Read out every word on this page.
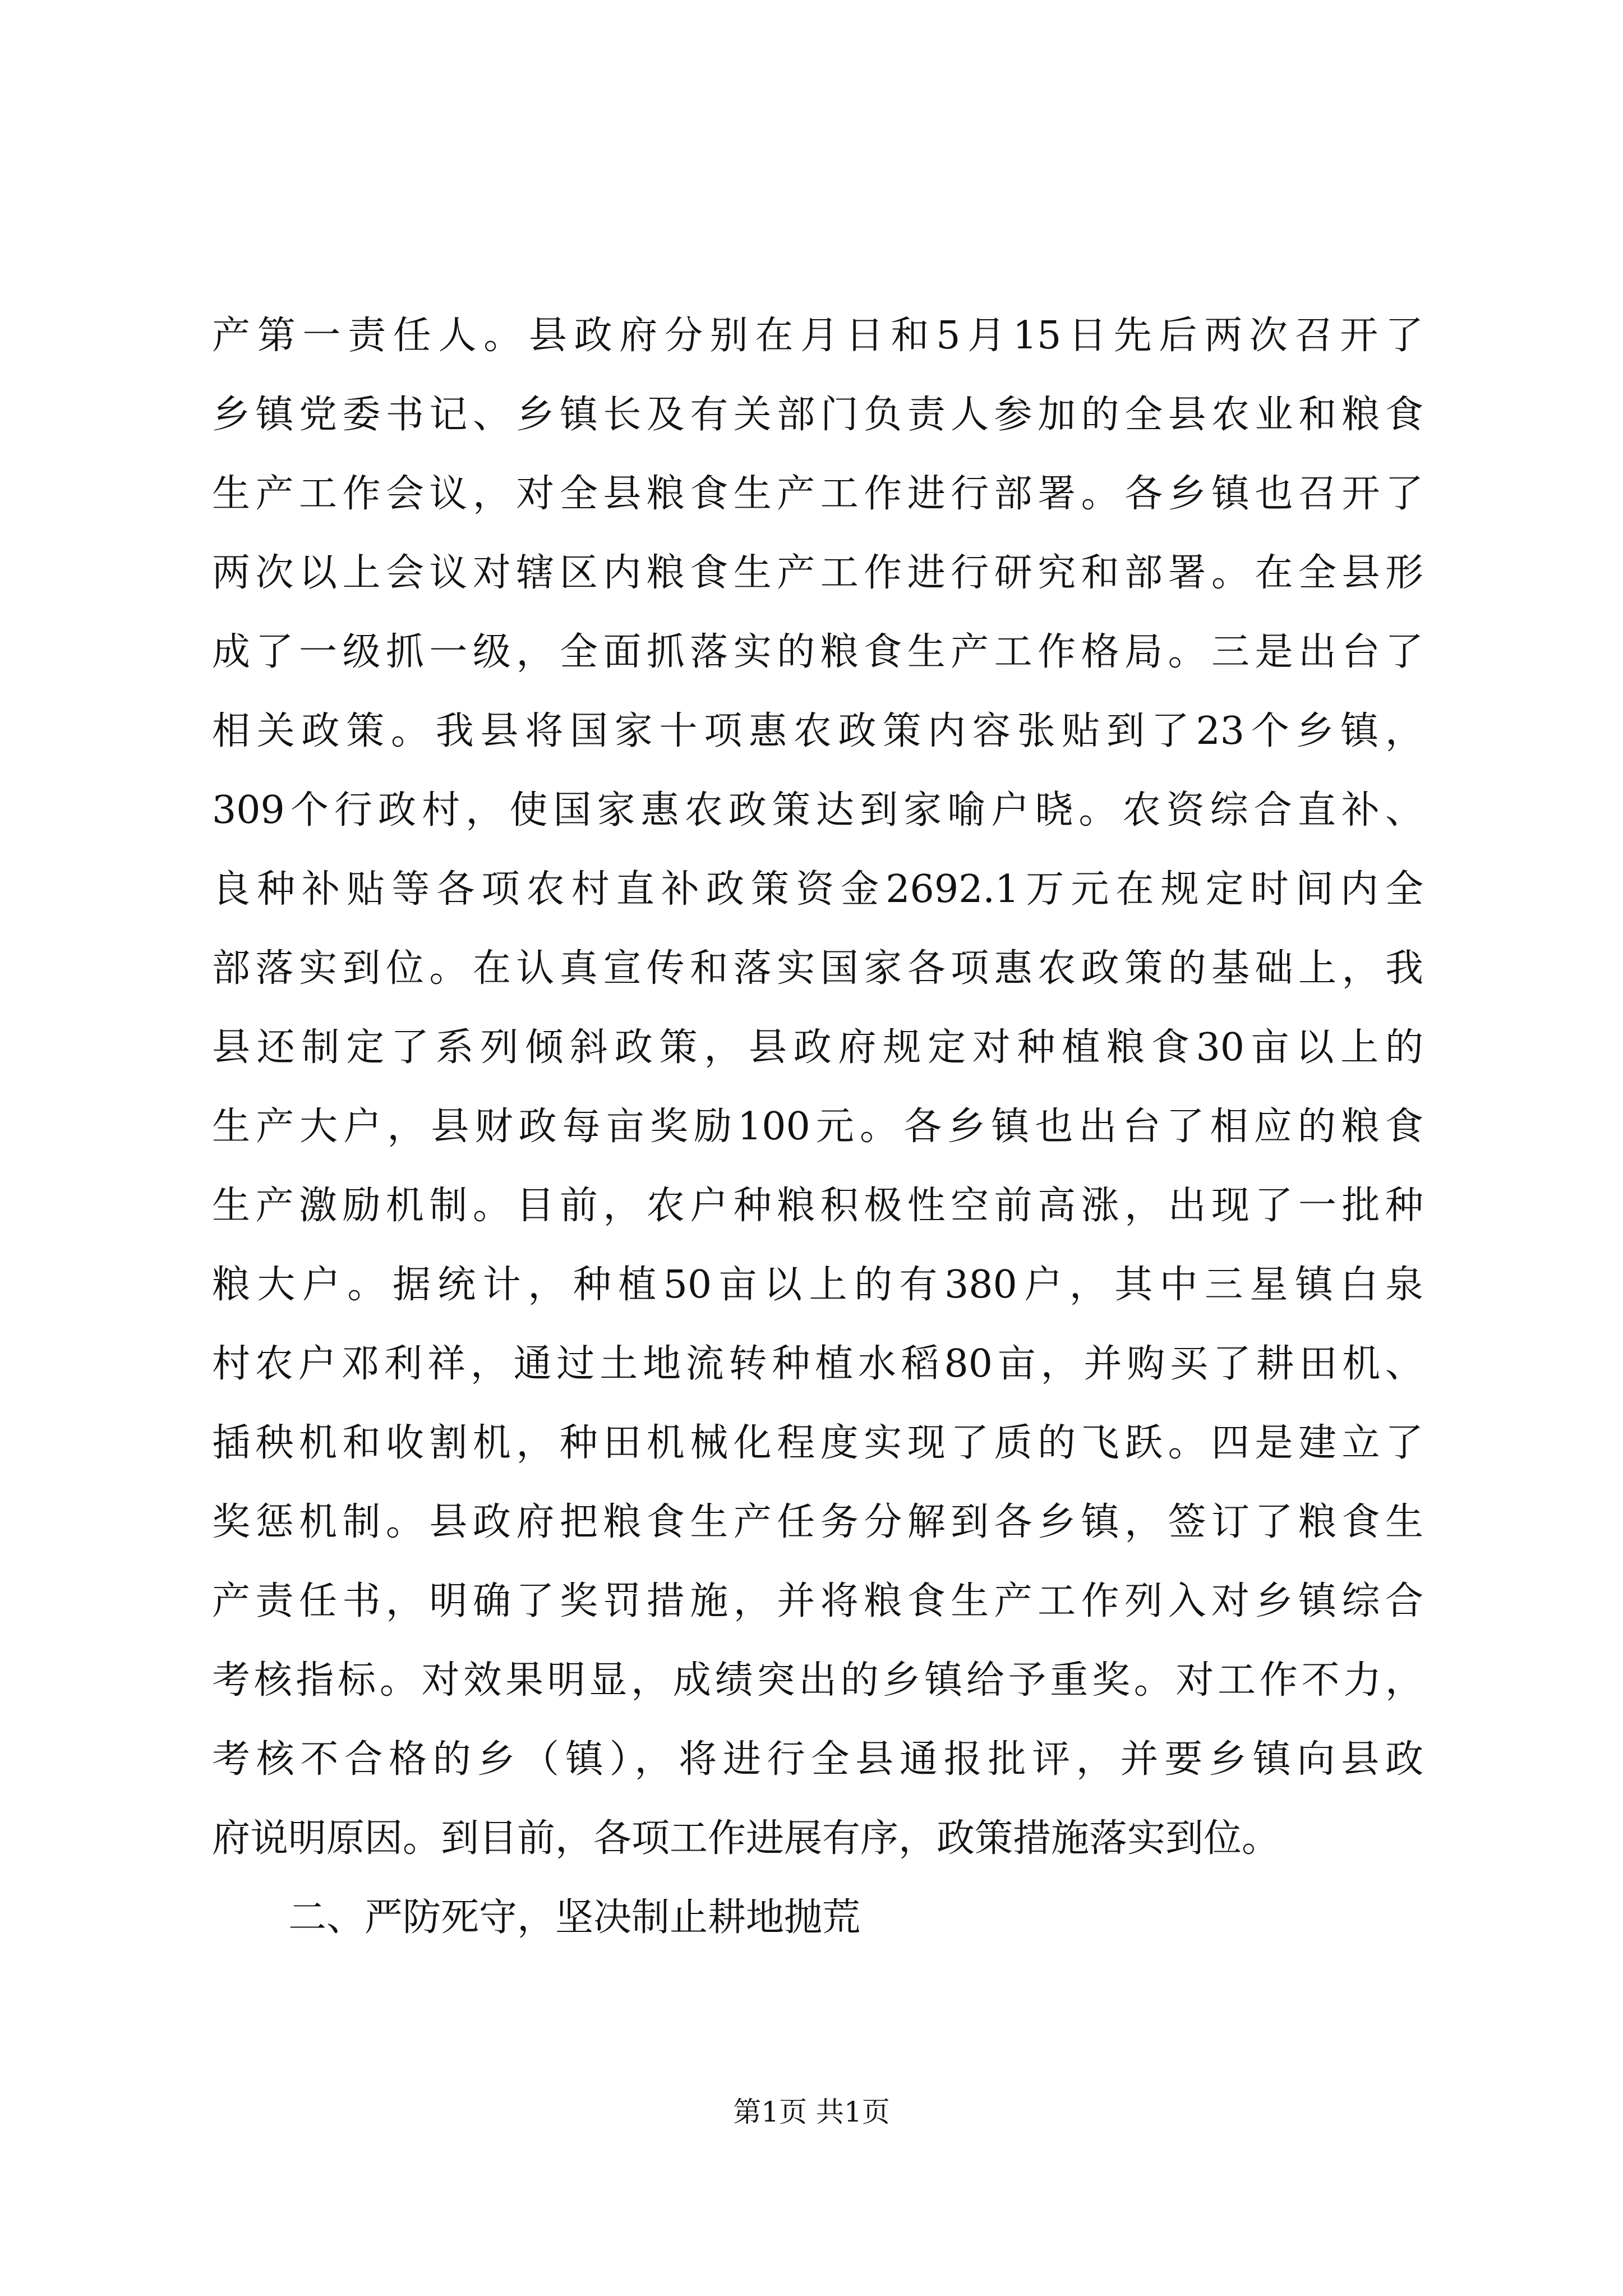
产第一责任人。县政府分别在月日和5月15日先后两次召开了
乡镇党委书记、乡镇长及有关部门负责人参加的全县农业和粮食
生产工作会议，对全县粮食生产工作进行部署。各乡镇也召开了
两次以上会议对辖区内粮食生产工作进行研究和部署。在全县形
成了一级抓一级，全面抓落实的粮食生产工作格局。三是出台了
相关政策。我县将国家十项惠农政策内容张贴到了23个乡镇，
309个行政村，使国家惠农政策达到家喻户晓。农资综合直补、
良种补贴等各项农村直补政策资金2692.1万元在规定时间内全
部落实到位。在认真宣传和落实国家各项惠农政策的基础上，我
县还制定了系列倾斜政策，县政府规定对种植粮食30亩以上的
生产大户，县财政每亩奖励100元。各乡镇也出台了相应的粮食
生产激励机制。目前，农户种粮积极性空前高涨，出现了一批种
粮大户。据统计，种植50亩以上的有380户，其中三星镇白泉
村农户邓利祥，通过土地流转种植水稻80亩，并购买了耕田机、
插秧机和收割机，种田机械化程度实现了质的飞跃。四是建立了
奖惩机制。县政府把粮食生产任务分解到各乡镇，签订了粮食生
产责任书，明确了奖罚措施，并将粮食生产工作列入对乡镇综合
考核指标。对效果明显，成绩突出的乡镇给予重奖。对工作不力，
考核不合格的乡（镇），将进行全县通报批评，并要乡镇向县政
府说明原因。到目前，各项工作进展有序，政策措施落实到位。
二、严防死守，坚决制止耕地抛荒
第1页 共1页
